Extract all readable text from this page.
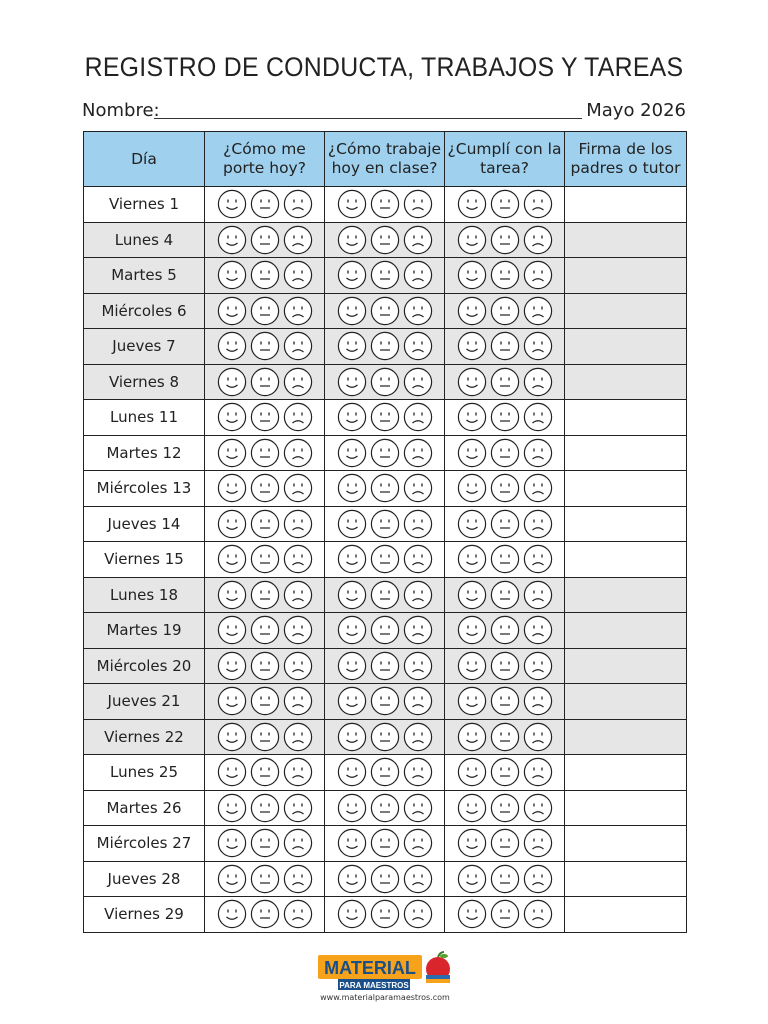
REGISTRO DE CONDUCTA, TRABAJOS Y TAREAS
Nombre:	Mayo 2026
Día	¿Cómo me porte hoy?	¿Cómo trabaje hoy en clase?	¿Cumplí con la tarea?	Firma de los padres o tutor
Viernes 1	

Lunes 4	

Martes 5	

Miércoles 6	

Jueves 7	

Viernes 8	

Lunes 11	

Martes 12	

Miércoles 13	

Jueves 14	

Viernes 15	

Lunes 18	

Martes 19	

Miércoles 20	

Jueves 21	

Viernes 22	

Lunes 25	

Martes 26	

Miércoles 27	

Jueves 28	

Viernes 29	

MATERIAL
PARA MAESTROS
www.materialparamaestros.com
